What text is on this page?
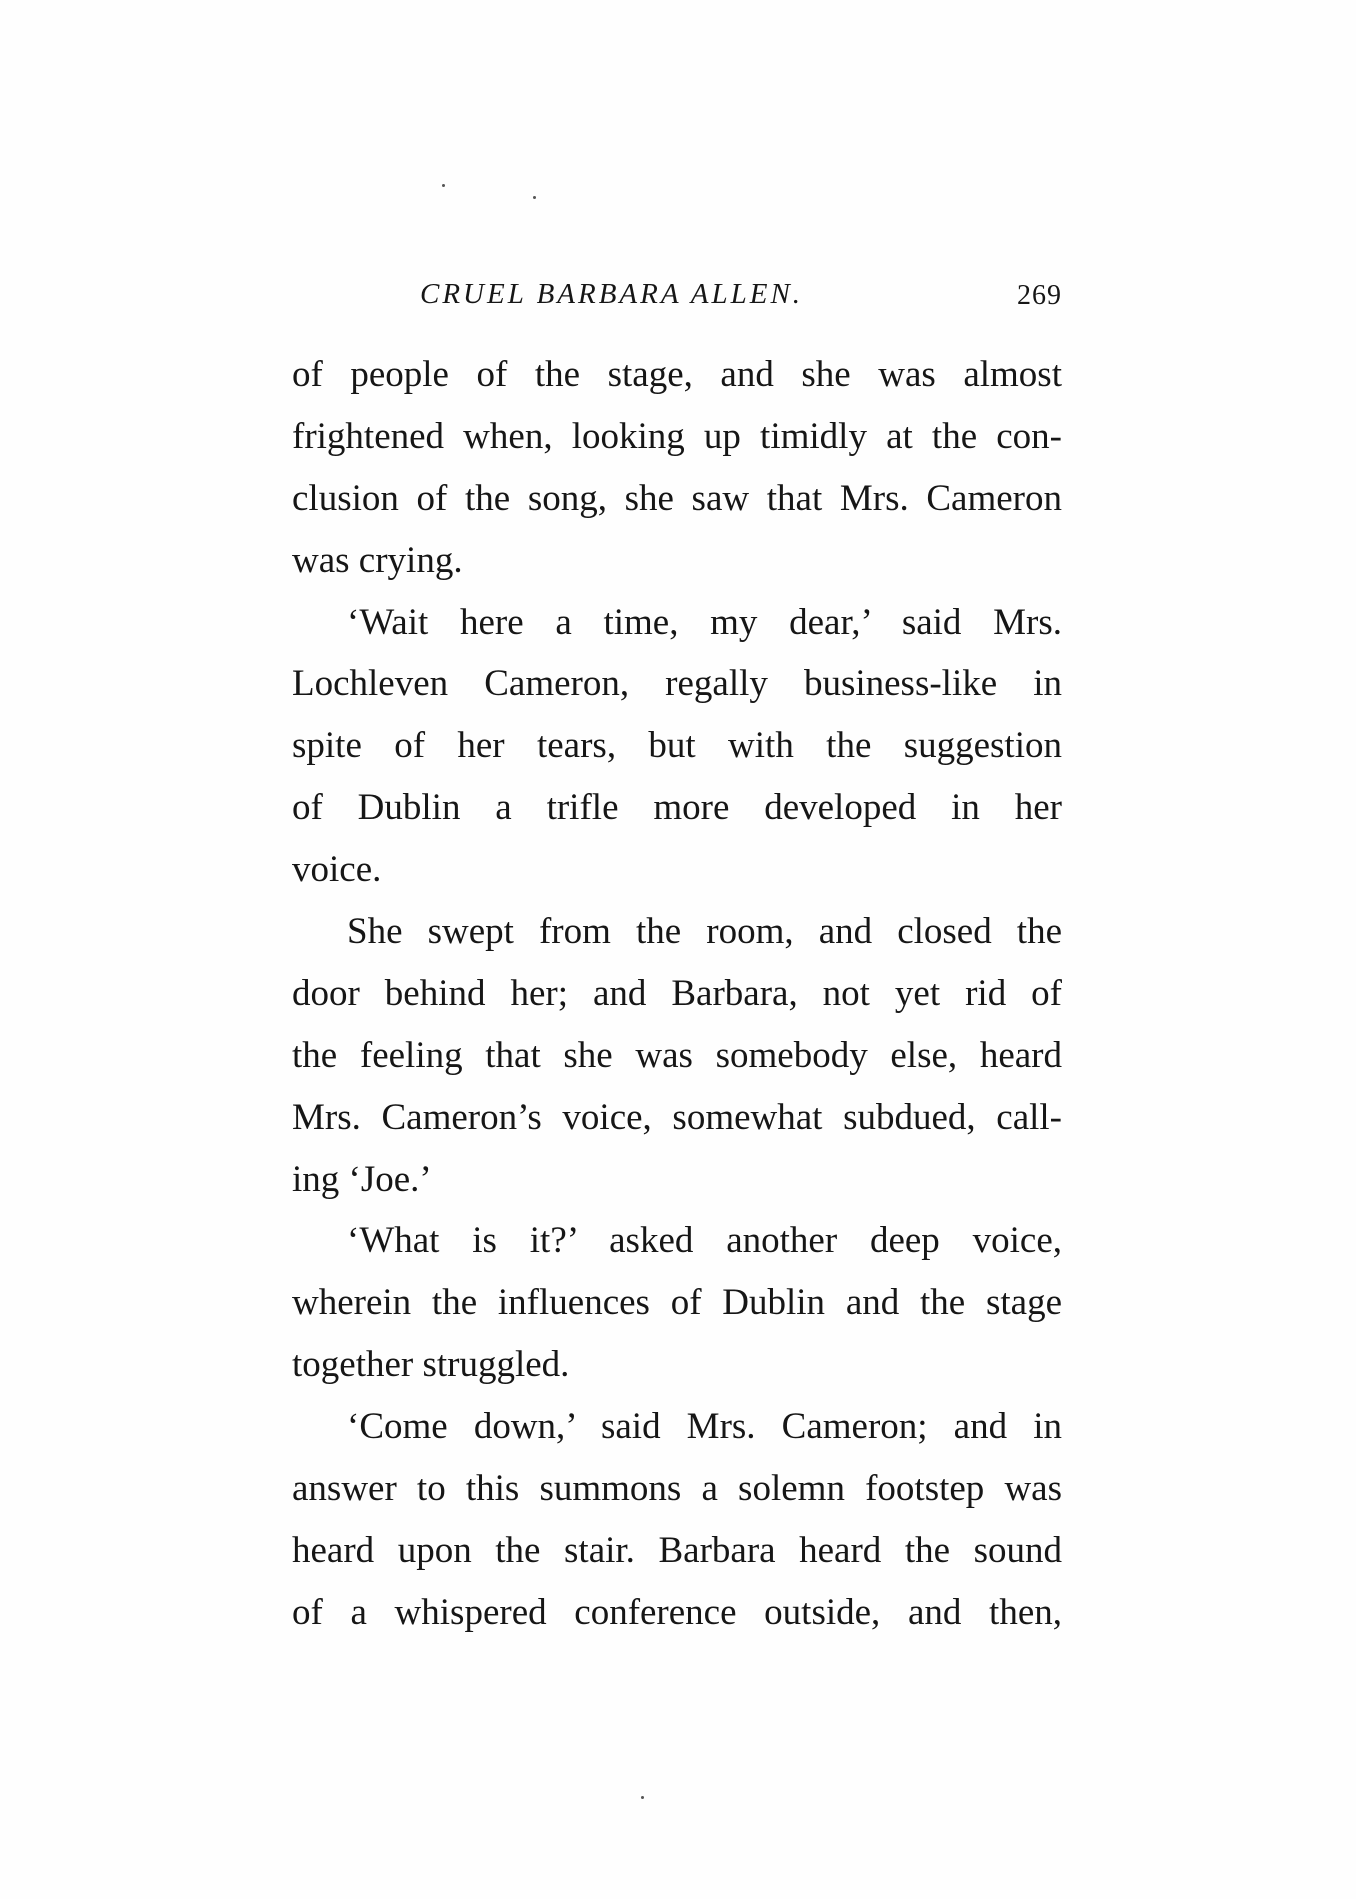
CRUEL BARBARA ALLEN.	269
of people of the stage, and she was almost
frightened when, looking up timidly at the con-
clusion of the song, she saw that Mrs. Cameron
was crying.
‘Wait here a time, my dear,’ said Mrs.
Lochleven Cameron, regally business-like in
spite of her tears, but with the suggestion
of Dublin a trifle more developed in her
voice.
She swept from the room, and closed the
door behind her; and Barbara, not yet rid of
the feeling that she was somebody else, heard
Mrs. Cameron’s voice, somewhat subdued, call-
ing ‘Joe.’
‘What is it?’ asked another deep voice,
wherein the influences of Dublin and the stage
together struggled.
‘Come down,’ said Mrs. Cameron; and in
answer to this summons a solemn footstep was
heard upon the stair. Barbara heard the sound
of a whispered conference outside, and then,
